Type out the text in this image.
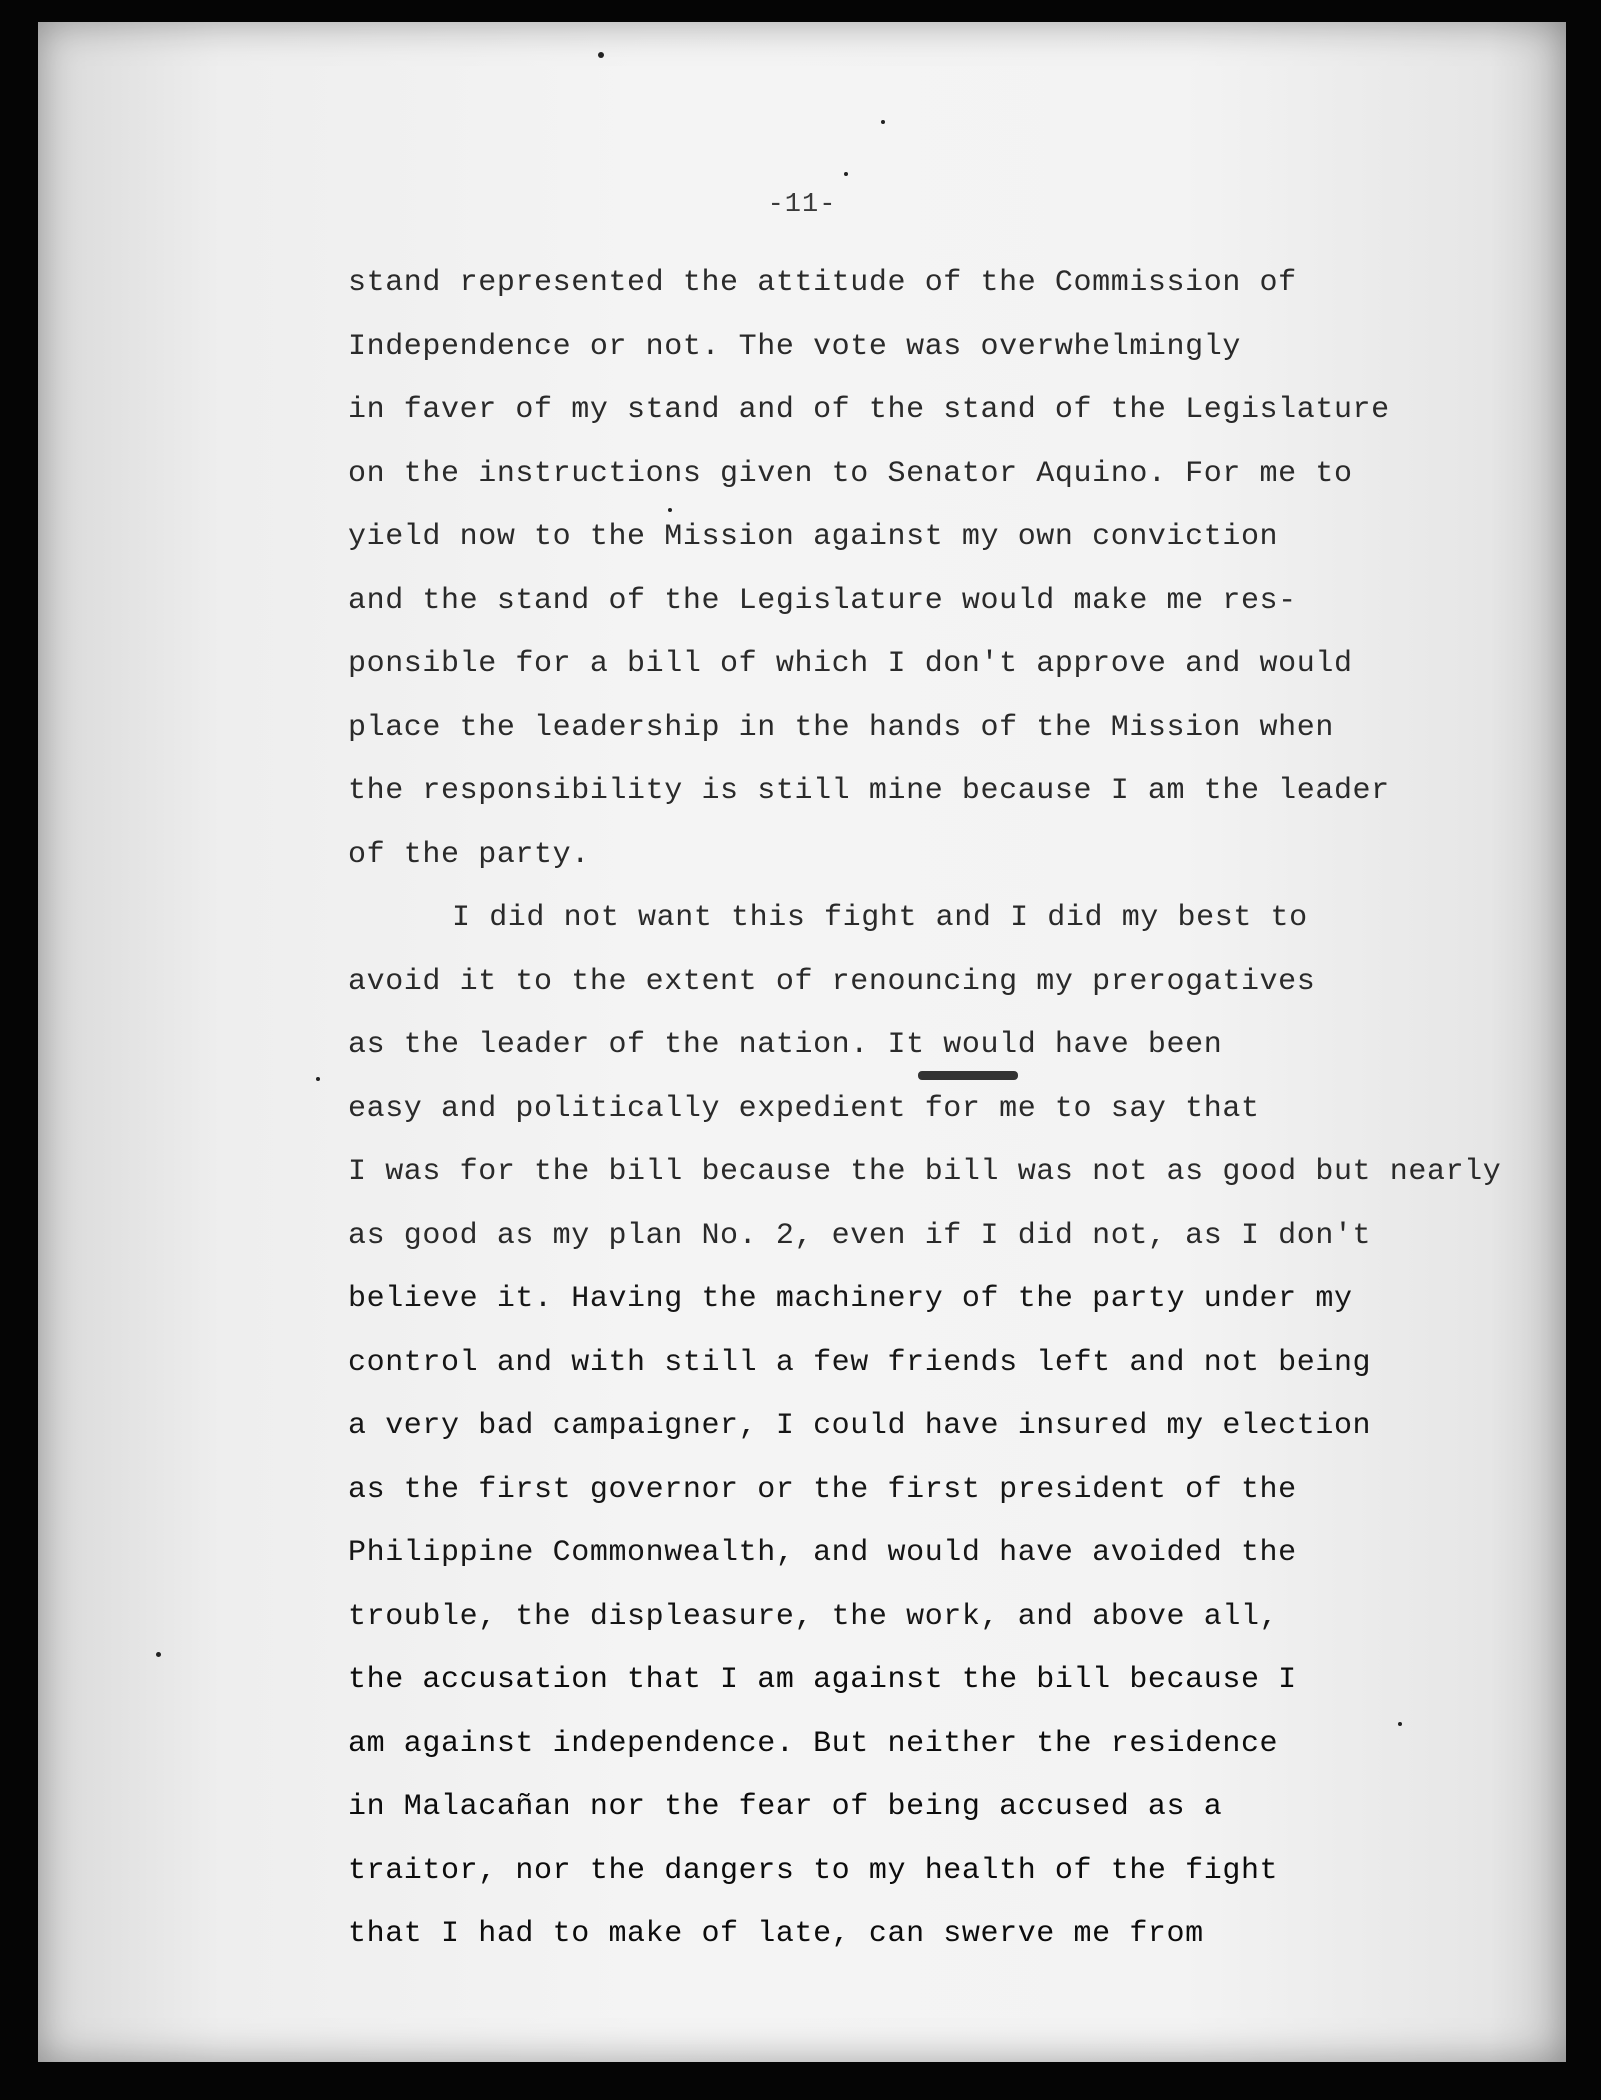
-11-
stand represented the attitude of the Commission of
Independence or not. The vote was overwhelmingly
in faver of my stand and of the stand of the Legislature
on the instructions given to Senator Aquino. For me to
yield now to the Mission against my own conviction
and the stand of the Legislature would make me res-
ponsible for a bill of which I don't approve and would
place the leadership in the hands of the Mission when
the responsibility is still mine because I am the leader
of the party.
I did not want this fight and I did my best to
avoid it to the extent of renouncing my prerogatives
as the leader of the nation. It would have been
easy and politically expedient for me to say that
I was for the bill because the bill was not as good but nearly
as good as my plan No. 2, even if I did not, as I don't
believe it. Having the machinery of the party under my
control and with still a few friends left and not being
a very bad campaigner, I could have insured my election
as the first governor or the first president of the
Philippine Commonwealth, and would have avoided the
trouble, the displeasure, the work, and above all,
the accusation that I am against the bill because I
am against independence. But neither the residence
in Malacañan nor the fear of being accused as a
traitor, nor the dangers to my health of the fight
that I had to make of late, can swerve me from
